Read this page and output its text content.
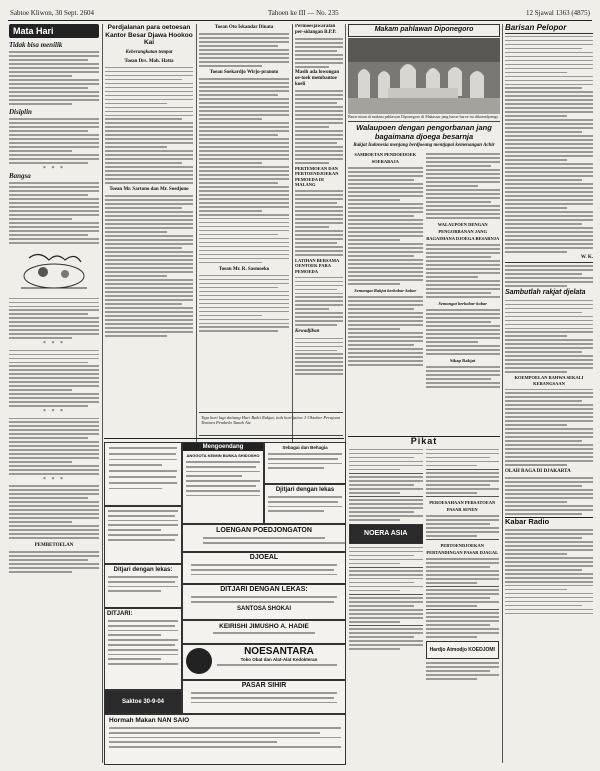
Sabtoe Kliwon, 30 Sept. 2604	Tahoen ke III — No. 235	12 Sjawal 1363 (4875)
Mata Hari
Tidak bisa menilik
Disiplin
* * *
Bangsa
* * *
* * *
* * *
PEMBETOELAN
Perdjalanan para oetoesan Kantor Besar Djawa Hookoo Kai
Keberangkatan tempat
Toean Drs. Moh. Hatta
Toean Mr. Sartono dan Mr. Soedjono
Toean Oto Iskandar Dinata
Toean Soekardjo Wirjo-pranoto
Toean Mr. R. Sasmoeko
Permoesjawaratan per-sidangan B.P.P.
Masih ada lowongan oe-toek membantoe koeli
PERTEMOEAN DAN PERTOENDJOEKAN PEMOEDA DI MALANG
LATIHAN BERSAMA OENTOEK PARA PEMOEDA
Kewadjiban
Tiga hari lagi daitang Hari Bakti Rakjat, itah hari jaitoe 3 Oktober Perajaan Tentara Pembela Tanah Air.
Makam pahlawan Diponegoro
Batoe nisan di makam pahlawan Diponegoro di Makassar jang baroe-baroe ini dikoendjoengi.
Walaupoen dengan pengorbanan jang bagaimana djoega besarnja
Rakjat Indonesia menjang berdjoeang mentjapai kemenangan Achir
SAMBOETAN PENDOEDOEK SOERABAJA
Semangat Rakjat berkobar-kobar
WALAUPOEN DENGAN PENGORBANAN JANG BAGAIMANA DJOEGA BESARNJA
Semangat berkobar-kobar
Sikap Rakjat
Pikat
NOERA ASIA
PEROESAHAAN PERSATOEAN PASAR SENEN
PERTOENDJOEKAN PERTANDINGAN PASAR DJAGAL
Hardjo Atmodjo KOEDJOMI
Barisan Pelopor
W. K.
Sambutlah rakjat djelata
KOEMPOELAN BAHWA SEKALI KEBANGSAAN
OLAH RAGA DI DJAKARTA
Kabar Radio
Mengoendang
ANGGOTA KEIMIN BUNKA SHIDOSHO
Sebagai dan Behagia
Djitjari dengan lekas
LOENGAN POEDJONGATON
DJOEAL
Ditjari dengan lekas:
DITJARI DENGAN LEKAS:
SANTOSA SHOKAI
DITJARI:
KEIRISHI JIMUSHO A. HADIE
NOESANTARA
Toko Obat dan Alat-Alat Kedokteran
Saktoe 30-9-04
PASAR SIHIR
Hormah Makan NAN SAIO
